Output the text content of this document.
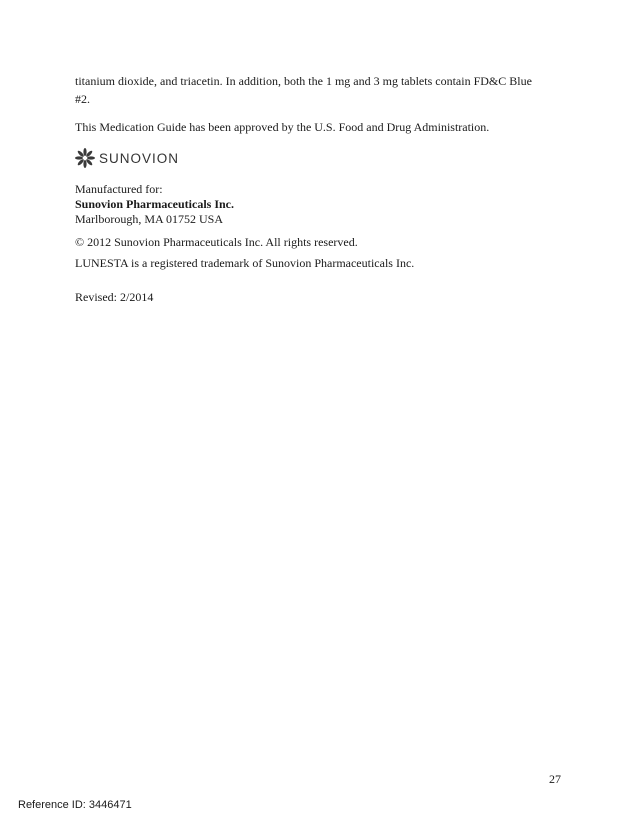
titanium dioxide, and triacetin. In addition, both the 1 mg and 3 mg tablets contain FD&C Blue
#2.
This Medication Guide has been approved by the U.S. Food and Drug Administration.
SUNOVION
Manufactured for:
Sunovion Pharmaceuticals Inc.
Marlborough, MA 01752 USA
© 2012 Sunovion Pharmaceuticals Inc. All rights reserved.
LUNESTA is a registered trademark of Sunovion Pharmaceuticals Inc.
Revised: 2/2014
27
Reference ID: 3446471
